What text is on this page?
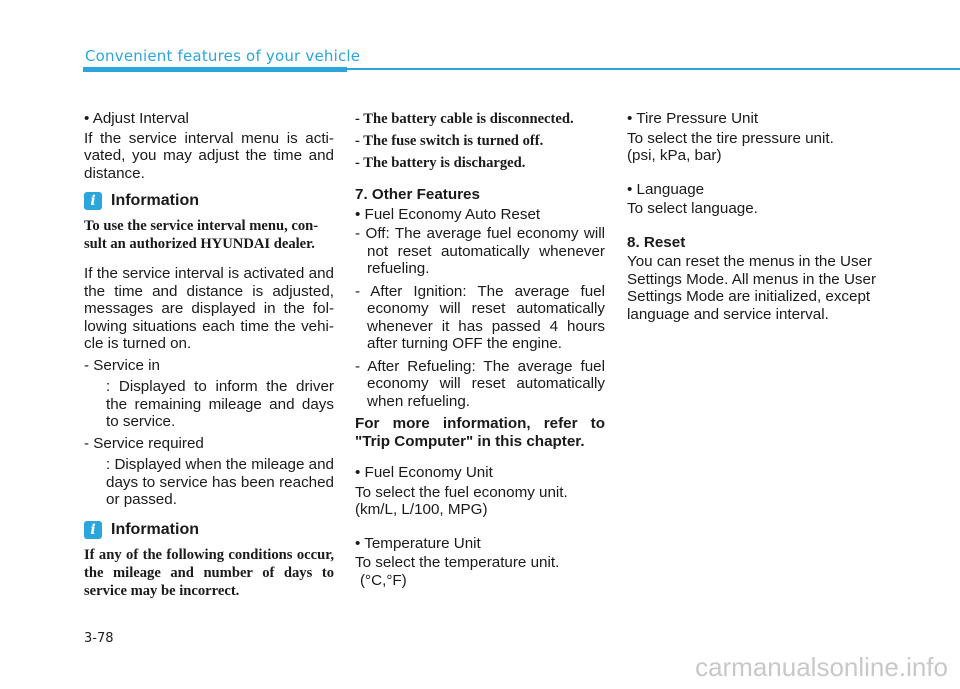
Convenient features of your vehicle

• Adjust Interval

If the service interval menu is acti- vated, you may adjust the time and distance.

i Information

To use the service interval menu, con- sult an authorized HYUNDAI dealer.

If the service interval is activated and the time and distance is adjusted, messages are displayed in the fol- lowing situations each time the vehi- cle is turned on.

- Service in

: Displayed to inform the driver the remaining mileage and days to service.

- Service required

: Displayed when the mileage and days to service has been reached or passed.

i Information

If any of the following conditions occur, the mileage and number of days to service may be incorrect.

- The battery cable is disconnected.

- The fuse switch is turned off.

- The battery is discharged.

7. Other Features

• Fuel Economy Auto Reset

- Off: The average fuel economy will not reset automatically whenever refueling.

- After Ignition: The average fuel economy will reset automatically whenever it has passed 4 hours after turning OFF the engine.

- After Refueling: The average fuel economy will reset automatically when refueling.

For more information, refer to "Trip Computer" in this chapter.

• Fuel Economy Unit

To select the fuel economy unit.

(km/L, L/100, MPG)

• Temperature Unit

To select the temperature unit.

(°C,°F)

• Tire Pressure Unit

To select the tire pressure unit.

(psi, kPa, bar)

• Language

To select language.

8. Reset

You can reset the menus in the User Settings Mode. All menus in the User Settings Mode are initialized, except language and service interval.

3-78
carmanualsonline.info
